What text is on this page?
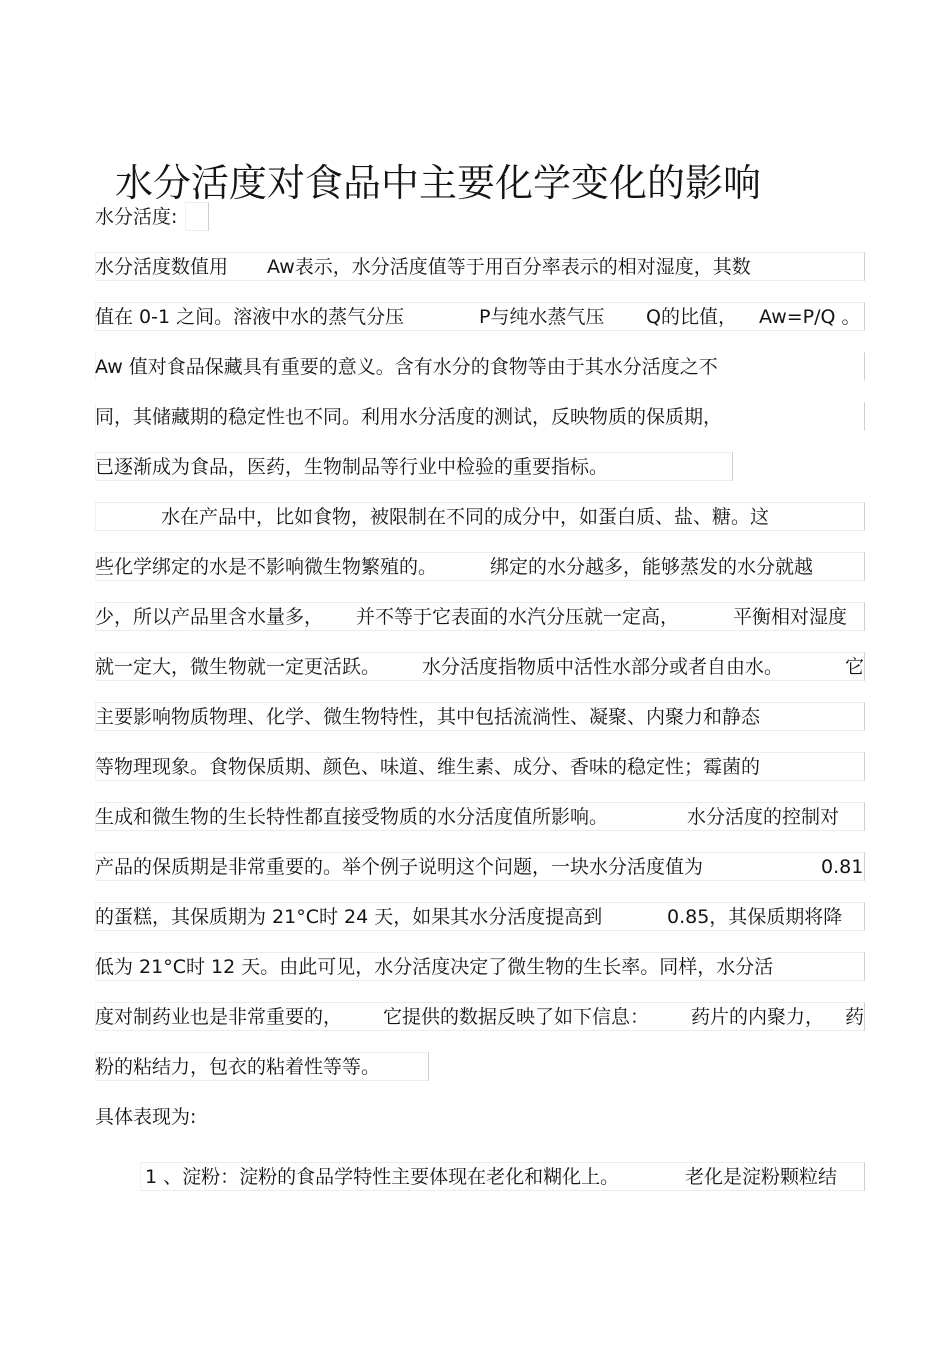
水分活度对食品中主要化学变化的影响
水分活度:
水分活度数值用 Aw表示，水分活度值等于用百分率表示的相对湿度，其数
值在 0-1 之间。溶液中水的蒸气分压	P与纯水蒸气压 Q的比值， Aw=P/Q 。
Aw 值对食品保藏具有重要的意义。含有水分的食物等由于其水分活度之不
同，其储藏期的稳定性也不同。利用水分活度的测试，反映物质的保质期，
已逐渐成为食品，医药，生物制品等行业中检验的重要指标。
水在产品中，比如食物，被限制在不同的成分中，如蛋白质、盐、糖。这
些化学绑定的水是不影响微生物繁殖的。	绑定的水分越多，能够蒸发的水分就越
少，所以产品里含水量多， 并不等于它表面的水汽分压就一定高，	平衡相对湿度
就一定大，微生物就一定更活跃。 水分活度指物质中活性水部分或者自由水。	它
主要影响物质物理、化学、微生物特性，其中包括流淌性、凝聚、内聚力和静态
等物理现象。食物保质期、颜色、味道、维生素、成分、香味的稳定性；霉菌的
生成和微生物的生长特性都直接受物质的水分活度值所影响。	水分活度的控制对
产品的保质期是非常重要的。举个例子说明这个问题，一块水分活度值为	0.81
的蛋糕，其保质期为 21°C时 24 天，如果其水分活度提高到	0.85，其保质期将降
低为 21°C时 12 天。由此可见，水分活度决定了微生物的生长率。同样，水分活
度对制药业也是非常重要的， 它提供的数据反映了如下信息： 药片的内聚力， 药
粉的粘结力，包衣的粘着性等等。
具体表现为:
1 、淀粉：淀粉的食品学特性主要体现在老化和糊化上。	老化是淀粉颗粒结
